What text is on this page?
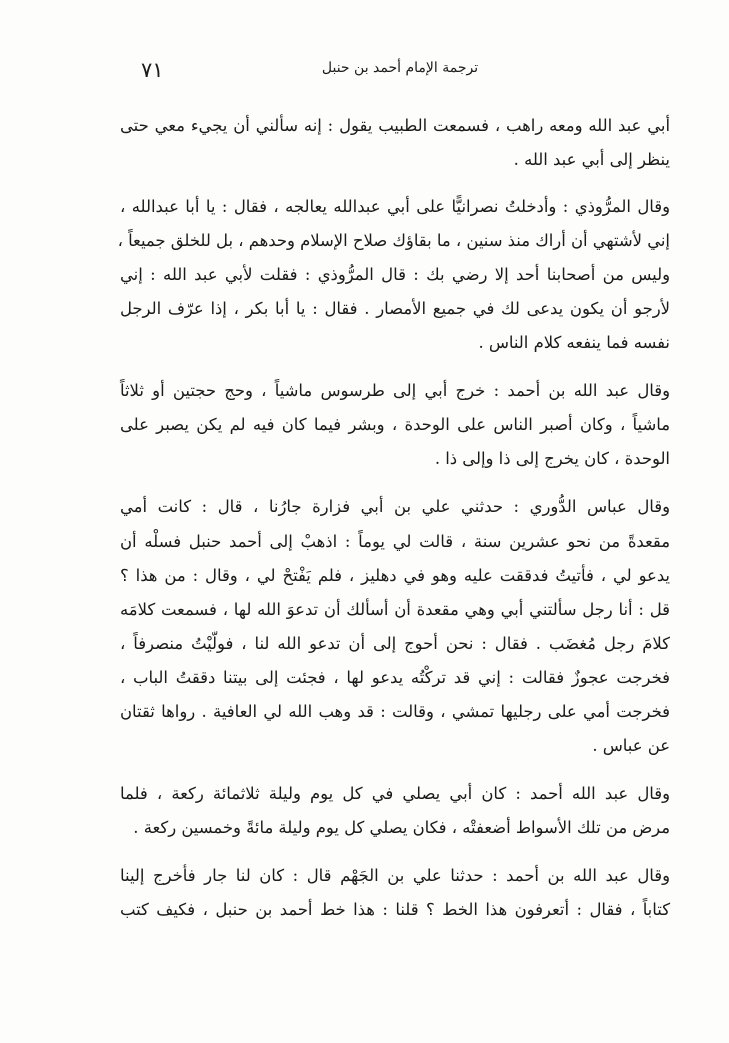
٧١	ترجمة الإمام أحمد بن حنبل
أبي عبد الله ومعه راهب ، فسمعت الطبيب يقول : إنه سألني أن يجيء معي حتى
ينظر إلى أبي عبد الله .
وقال المرُّوذي : وأدخلتُ نصرانيًّا على أبي عبدالله يعالجه ، فقال : يا أبا عبدالله ،
إني لأشتهي أن أراك منذ سنين ، ما بقاؤك صلاح الإسلام وحدهم ، بل للخلق جميعاً ،
وليس من أصحابنا أحد إلا رضي بك : قال المرُّوذي : فقلت لأبي عبد الله : إني
لأرجو أن يكون يدعى لك في جميع الأمصار . فقال : يا أبا بكر ، إذا عرّف الرجل
نفسه فما ينفعه كلام الناس .
وقال عبد الله بن أحمد : خرج أبي إلى طرسوس ماشياً ، وحج حجتين أو ثلاثاً
ماشياً ، وكان أصبر الناس على الوحدة ، وبشر فيما كان فيه لم يكن يصبر على
الوحدة ، كان يخرج إلى ذا وإلى ذا .
وقال عباس الدُّوري : حدثني علي بن أبي فزارة جارُنا ، قال : كانت أمي
مقعدةً من نحو عشرين سنة ، قالت لي يوماً : اذهبْ إلى أحمد حنبل فسلْه أن
يدعو لي ، فأتيتُ فدققت عليه وهو في دهليز ، فلم يَفْتحْ لي ، وقال : من هذا ؟
قل : أنا رجل سألتني أبي وهي مقعدة أن أسألك أن تدعوَ الله لها ، فسمعت كلامَه
كلامَ رجل مُغضَب . فقال : نحن أحوج إلى أن تدعو الله لنا ، فولّيْتُ منصرفاً ،
فخرجت عجوزٌ فقالت : إني قد تركْتُه يدعو لها ، فجئت إلى بيتنا دققتُ الباب ،
فخرجت أمي على رجليها تمشي ، وقالت : قد وهب الله لي العافية . رواها ثقتان
عن عباس .
وقال عبد الله أحمد : كان أبي يصلي في كل يوم وليلة ثلاثمائة ركعة ، فلما
مرض من تلك الأسواط أضعفتْه ، فكان يصلي كل يوم وليلة مائةً وخمسين ركعة .
وقال عبد الله بن أحمد : حدثنا علي بن الجَهْم قال : كان لنا جار فأخرج إلينا
كتاباً ، فقال : أتعرفون هذا الخط ؟ قلنا : هذا خط أحمد بن حنبل ، فكيف كتب
